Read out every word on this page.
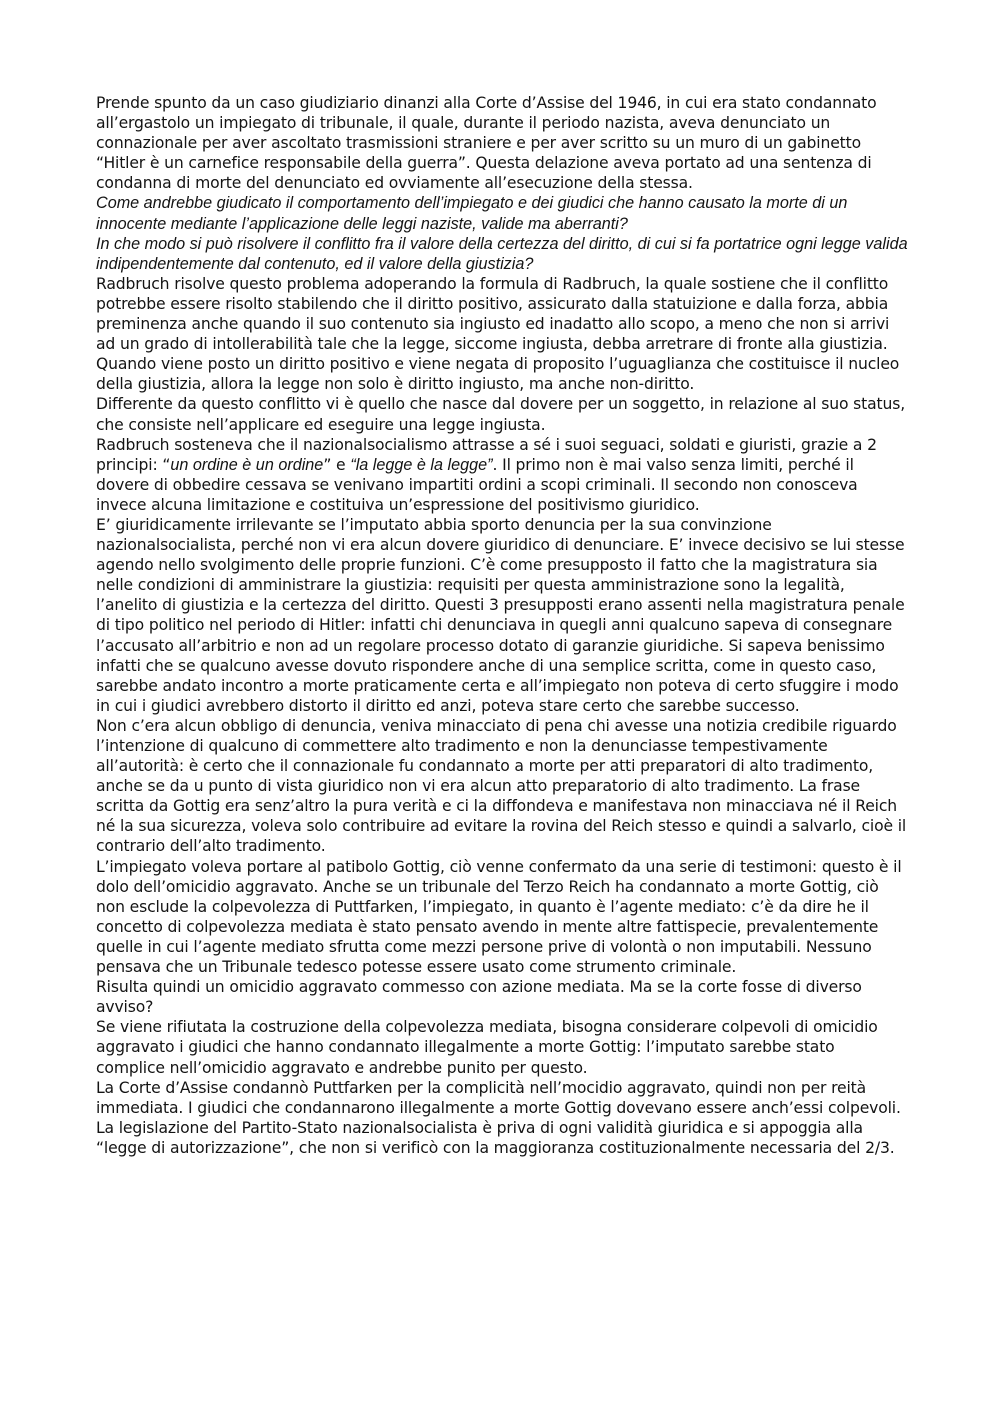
Prende spunto da un caso giudiziario dinanzi alla Corte d’Assise del 1946, in cui era stato condannato all’ergastolo un impiegato di tribunale, il quale, durante il periodo nazista, aveva denunciato un connazionale per aver ascoltato trasmissioni straniere e per aver scritto su un muro di un gabinetto “Hitler è un carnefice responsabile della guerra”. Questa delazione aveva portato ad una sentenza di condanna di morte del denunciato ed ovviamente all’esecuzione della stessa.

Come andrebbe giudicato il comportamento dell’impiegato e dei giudici che hanno causato la morte di un innocente mediante l’applicazione delle leggi naziste, valide ma aberranti?

In che modo si può risolvere il conflitto fra il valore della certezza del diritto, di cui si fa portatrice ogni legge valida indipendentemente dal contenuto, ed il valore della giustizia?

Radbruch risolve questo problema adoperando la formula di Radbruch, la quale sostiene che il conflitto potrebbe essere risolto stabilendo che il diritto positivo, assicurato dalla statuizione e dalla forza, abbia preminenza anche quando il suo contenuto sia ingiusto ed inadatto allo scopo, a meno che non si arrivi ad un grado di intollerabilità tale che la legge, siccome ingiusta, debba arretrare di fronte alla giustizia.

Quando viene posto un diritto positivo e viene negata di proposito l’uguaglianza che costituisce il nucleo della giustizia, allora la legge non solo è diritto ingiusto, ma anche non-diritto.

Differente da questo conflitto vi è quello che nasce dal dovere per un soggetto, in relazione al suo status, che consiste nell’applicare ed eseguire una legge ingiusta.

Radbruch sosteneva che il nazionalsocialismo attrasse a sé i suoi seguaci, soldati e giuristi, grazie a 2 principi: “un ordine è un ordine” e “la legge è la legge”. Il primo non è mai valso senza limiti, perché il dovere di obbedire cessava se venivano impartiti ordini a scopi criminali. Il secondo non conosceva invece alcuna limitazione e costituiva un’espressione del positivismo giuridico.

E’ giuridicamente irrilevante se l’imputato abbia sporto denuncia per la sua convinzione nazionalsocialista, perché non vi era alcun dovere giuridico di denunciare. E’ invece decisivo se lui stesse agendo nello svolgimento delle proprie funzioni. C’è come presupposto il fatto che la magistratura sia nelle condizioni di amministrare la giustizia: requisiti per questa amministrazione sono la legalità, l’anelito di giustizia e la certezza del diritto. Questi 3 presupposti erano assenti nella magistratura penale di tipo politico nel periodo di Hitler: infatti chi denunciava in quegli anni qualcuno sapeva di consegnare l’accusato all’arbitrio e non ad un regolare processo dotato di garanzie giuridiche. Si sapeva benissimo infatti che se qualcuno avesse dovuto rispondere anche di una semplice scritta, come in questo caso, sarebbe andato incontro a morte praticamente certa e all’impiegato non poteva di certo sfuggire i modo in cui i giudici avrebbero distorto il diritto ed anzi, poteva stare certo che sarebbe successo.

Non c’era alcun obbligo di denuncia, veniva minacciato di pena chi avesse una notizia credibile riguardo l’intenzione di qualcuno di commettere alto tradimento e non la denunciasse tempestivamente all’autorità: è certo che il connazionale fu condannato a morte per atti preparatori di alto tradimento, anche se da u punto di vista giuridico non vi era alcun atto preparatorio di alto tradimento. La frase scritta da Gottig era senz’altro la pura verità e ci la diffondeva e manifestava non minacciava né il Reich né la sua sicurezza, voleva solo contribuire ad evitare la rovina del Reich stesso e quindi a salvarlo, cioè il contrario dell’alto tradimento.

L’impiegato voleva portare al patibolo Gottig, ciò venne confermato da una serie di testimoni: questo è il dolo dell’omicidio aggravato. Anche se un tribunale del Terzo Reich ha condannato a morte Gottig, ciò non esclude la colpevolezza di Puttfarken, l’impiegato, in quanto è l’agente mediato: c’è da dire he il concetto di colpevolezza mediata è stato pensato avendo in mente altre fattispecie, prevalentemente quelle in cui l’agente mediato sfrutta come mezzi persone prive di volontà o non imputabili. Nessuno pensava che un Tribunale tedesco potesse essere usato come strumento criminale.

Risulta quindi un omicidio aggravato commesso con azione mediata. Ma se la corte fosse di diverso avviso?

Se viene rifiutata la costruzione della colpevolezza mediata, bisogna considerare colpevoli di omicidio aggravato i giudici che hanno condannato illegalmente a morte Gottig: l’imputato sarebbe stato complice nell’omicidio aggravato e andrebbe punito per questo.

La Corte d’Assise condannò Puttfarken per la complicità nell’mocidio aggravato, quindi non per reità immediata. I giudici che condannarono illegalmente a morte Gottig dovevano essere anch’essi colpevoli.

La legislazione del Partito-Stato nazionalsocialista è priva di ogni validità giuridica e si appoggia alla “legge di autorizzazione”, che non si verificò con la maggioranza costituzionalmente necessaria del 2/3.
